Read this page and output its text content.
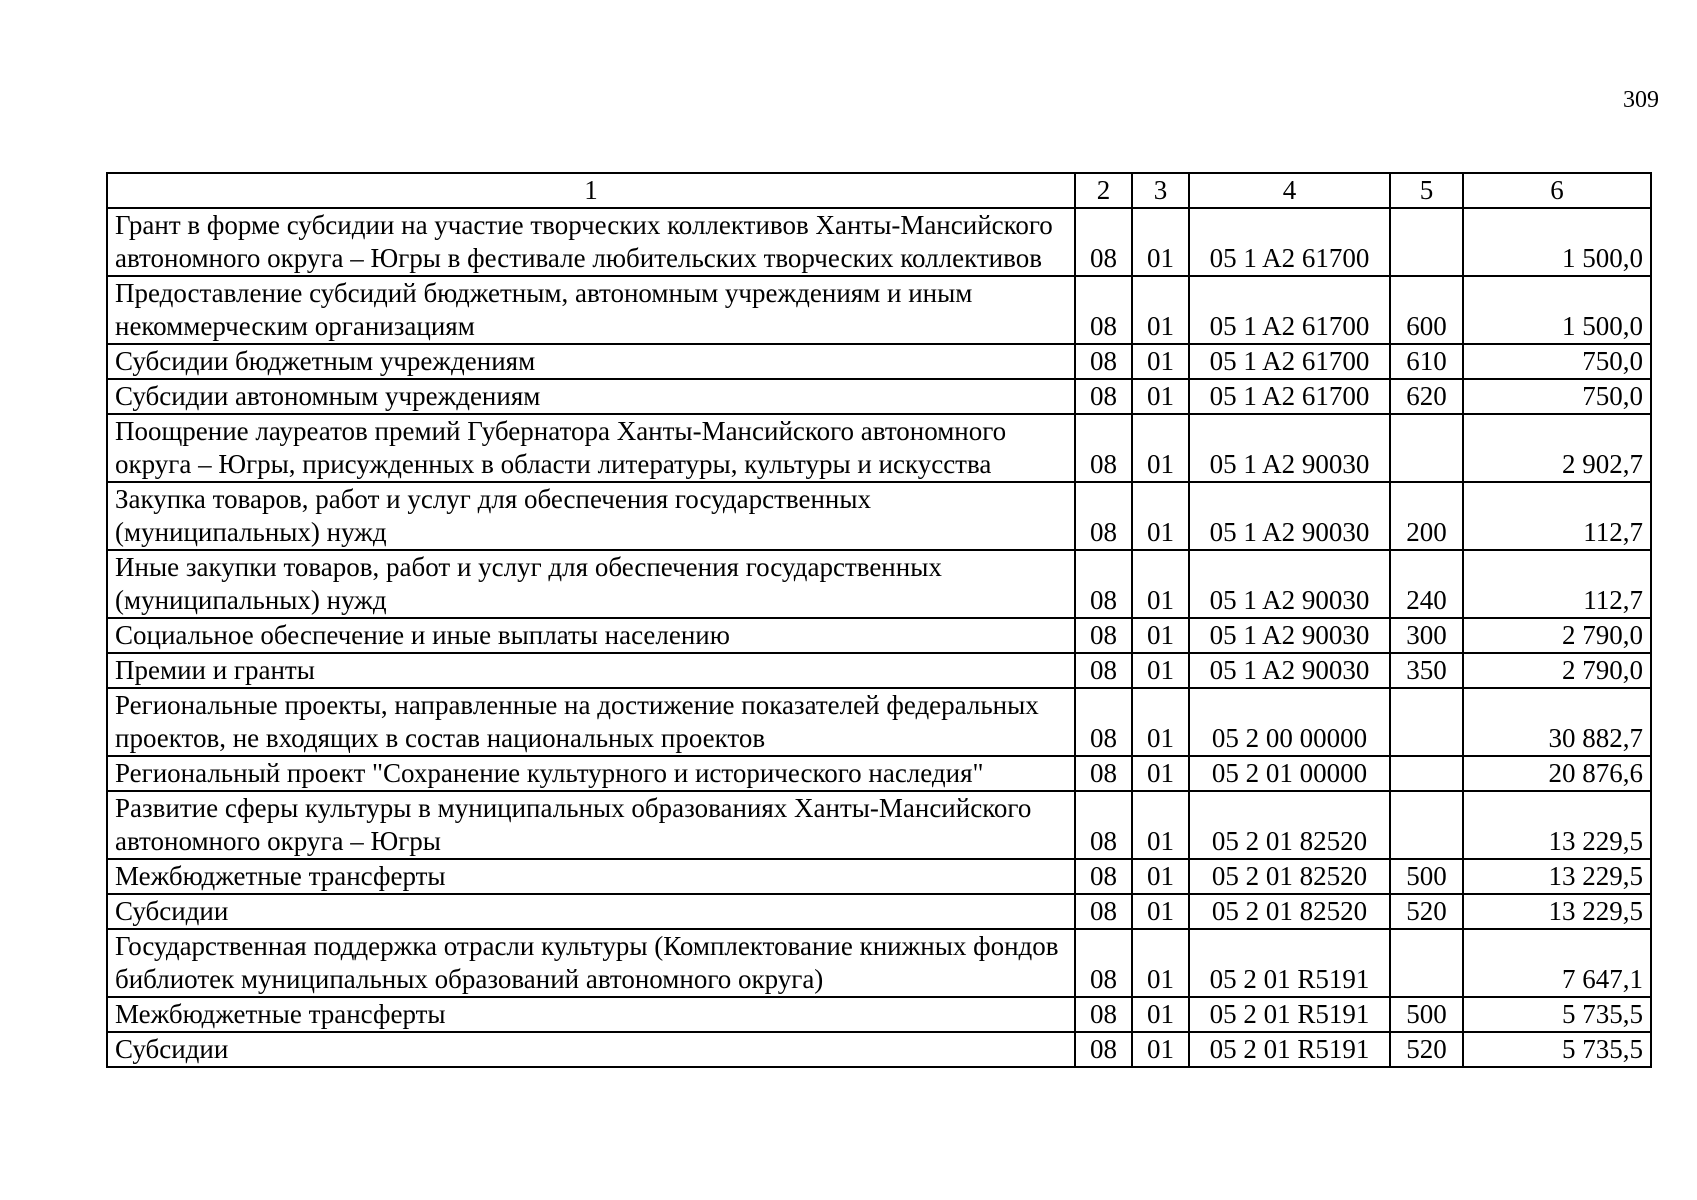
309
1	2	3	4	5	6
Грант в форме субсидии на участие творческих коллективов Ханты-Мансийского автономного округа – Югры в фестивале любительских творческих коллективов	08	01	05 1 A2 61700		1 500,0
Предоставление субсидий бюджетным, автономным учреждениям и иным некоммерческим организациям	08	01	05 1 A2 61700	600	1 500,0
Субсидии бюджетным учреждениям	08	01	05 1 A2 61700	610	750,0
Субсидии автономным учреждениям	08	01	05 1 A2 61700	620	750,0
Поощрение лауреатов премий Губернатора Ханты-Мансийского автономного округа – Югры, присужденных в области литературы, культуры и искусства	08	01	05 1 A2 90030		2 902,7
Закупка товаров, работ и услуг для обеспечения государственных (муниципальных) нужд	08	01	05 1 A2 90030	200	112,7
Иные закупки товаров, работ и услуг для обеспечения государственных (муниципальных) нужд	08	01	05 1 A2 90030	240	112,7
Социальное обеспечение и иные выплаты населению	08	01	05 1 A2 90030	300	2 790,0
Премии и гранты	08	01	05 1 A2 90030	350	2 790,0
Региональные проекты, направленные на достижение показателей федеральных проектов, не входящих в состав национальных проектов	08	01	05 2 00 00000		30 882,7
Региональный проект "Сохранение культурного и исторического наследия"	08	01	05 2 01 00000		20 876,6
Развитие сферы культуры в муниципальных образованиях Ханты-Мансийского автономного округа – Югры	08	01	05 2 01 82520		13 229,5
Межбюджетные трансферты	08	01	05 2 01 82520	500	13 229,5
Субсидии	08	01	05 2 01 82520	520	13 229,5
Государственная поддержка отрасли культуры (Комплектование книжных фондов библиотек муниципальных образований автономного округа)	08	01	05 2 01 R5191		7 647,1
Межбюджетные трансферты	08	01	05 2 01 R5191	500	5 735,5
Субсидии	08	01	05 2 01 R5191	520	5 735,5
